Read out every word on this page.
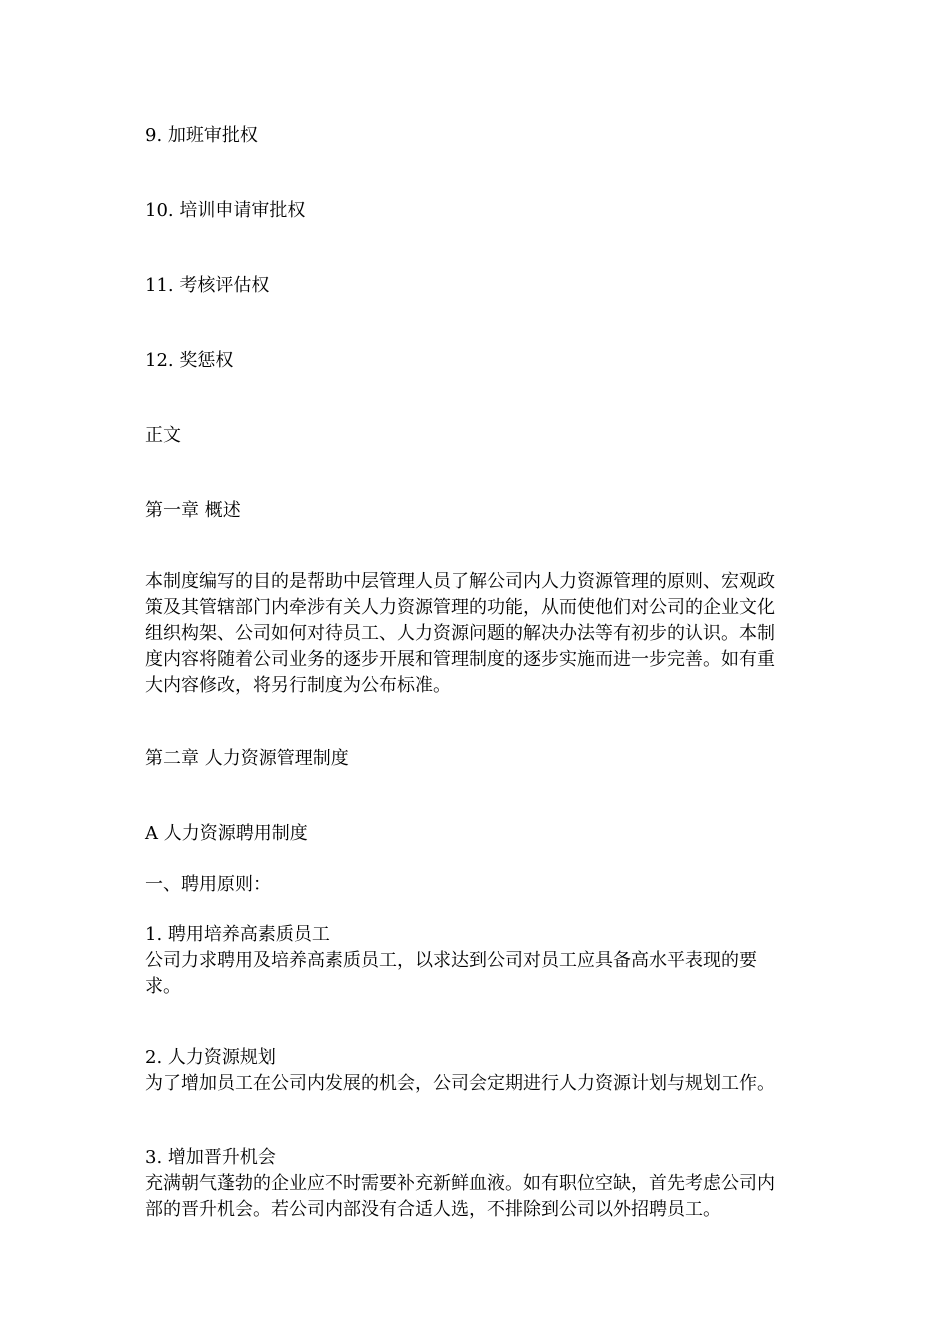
9. 加班审批权
10. 培训申请审批权
11. 考核评估权
12. 奖惩权
正文
第一章 概述
本制度编写的目的是帮助中层管理人员了解公司内人力资源管理的原则、宏观政
策及其管辖部门内牵涉有关人力资源管理的功能，从而使他们对公司的企业文化
组织构架、公司如何对待员工、人力资源问题的解决办法等有初步的认识。本制
度内容将随着公司业务的逐步开展和管理制度的逐步实施而进一步完善。如有重
大内容修改，将另行制度为公布标准。
第二章 人力资源管理制度
A 人力资源聘用制度
一、聘用原则：
1. 聘用培养高素质员工
公司力求聘用及培养高素质员工，以求达到公司对员工应具备高水平表现的要
求。
2. 人力资源规划
为了增加员工在公司内发展的机会，公司会定期进行人力资源计划与规划工作。
3. 增加晋升机会
充满朝气蓬勃的企业应不时需要补充新鲜血液。如有职位空缺，首先考虑公司内
部的晋升机会。若公司内部没有合适人选，不排除到公司以外招聘员工。
